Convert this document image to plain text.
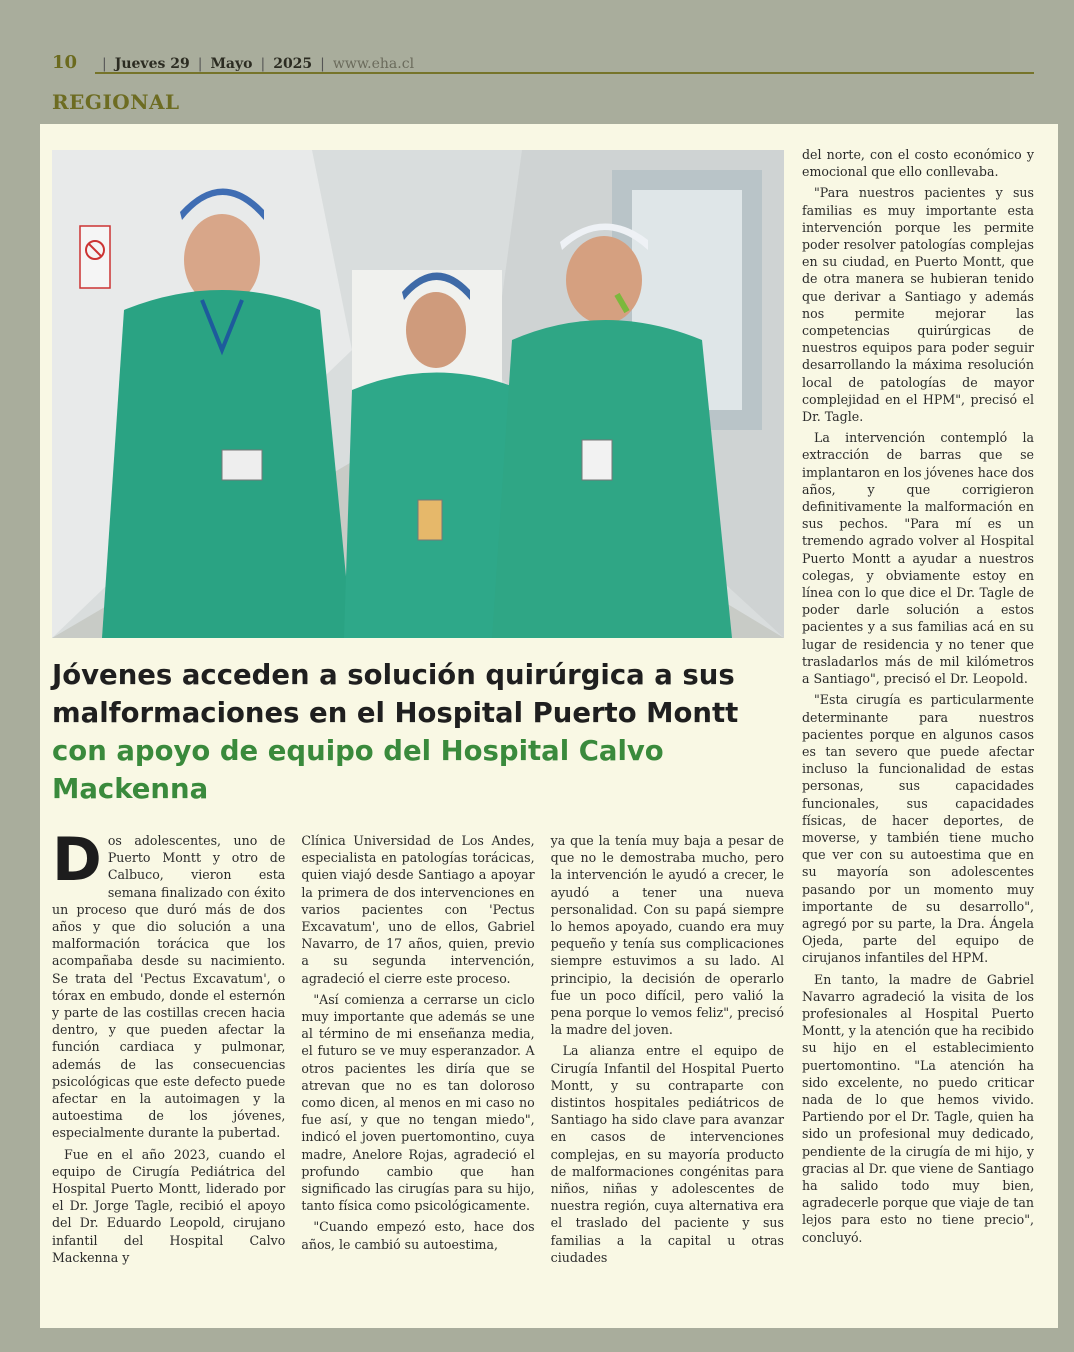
10	| Jueves 29 | Mayo | 2025 | www.eha.cl
REGIONAL
Jóvenes acceden a solución quirúrgica a sus malformaciones en el Hospital Puerto Montt con apoyo de equipo del Hospital Calvo Mackenna

Dos adolescentes, uno de Puerto Montt y otro de Calbuco, vieron esta semana finalizado con éxito un proceso que duró más de dos años y que dio solución a una malformación torácica que los acompañaba desde su nacimiento. Se trata del 'Pectus Excavatum', o tórax en embudo, donde el esternón y parte de las costillas crecen hacia dentro, y que pueden afectar la función cardiaca y pulmonar, además de las consecuencias psicológicas que este defecto puede afectar en la autoimagen y la autoestima de los jóvenes, especialmente durante la pubertad.

Fue en el año 2023, cuando el equipo de Cirugía Pediátrica del Hospital Puerto Montt, liderado por el Dr. Jorge Tagle, recibió el apoyo del Dr. Eduardo Leopold, cirujano infantil del Hospital Calvo Mackenna y

Clínica Universidad de Los Andes, especialista en patologías torácicas, quien viajó desde Santiago a apoyar la primera de dos intervenciones en varios pacientes con 'Pectus Excavatum', uno de ellos, Gabriel Navarro, de 17 años, quien, previo a su segunda intervención, agradeció el cierre este proceso.

"Así comienza a cerrarse un ciclo muy importante que además se une al término de mi enseñanza media, el futuro se ve muy esperanzador. A otros pacientes les diría que se atrevan que no es tan doloroso como dicen, al menos en mi caso no fue así, y que no tengan miedo", indicó el joven puertomontino, cuya madre, Anelore Rojas, agradeció el profundo cambio que han significado las cirugías para su hijo, tanto física como psicológicamente.

"Cuando empezó esto, hace dos años, le cambió su autoestima,

ya que la tenía muy baja a pesar de que no le demostraba mucho, pero la intervención le ayudó a crecer, le ayudó a tener una nueva personalidad. Con su papá siempre lo hemos apoyado, cuando era muy pequeño y tenía sus complicaciones siempre estuvimos a su lado. Al principio, la decisión de operarlo fue un poco difícil, pero valió la pena porque lo vemos feliz", precisó la madre del joven.

La alianza entre el equipo de Cirugía Infantil del Hospital Puerto Montt, y su contraparte con distintos hospitales pediátricos de Santiago ha sido clave para avanzar en casos de intervenciones complejas, en su mayoría producto de malformaciones congénitas para niños, niñas y adolescentes de nuestra región, cuya alternativa era el traslado del paciente y sus familias a la capital u otras ciudades

del norte, con el costo económico y emocional que ello conllevaba.

"Para nuestros pacientes y sus familias es muy importante esta intervención porque les permite poder resolver patologías complejas en su ciudad, en Puerto Montt, que de otra manera se hubieran tenido que derivar a Santiago y además nos permite mejorar las competencias quirúrgicas de nuestros equipos para poder seguir desarrollando la máxima resolución local de patologías de mayor complejidad en el HPM", precisó el Dr. Tagle.

La intervención contempló la extracción de barras que se implantaron en los jóvenes hace dos años, y que corrigieron definitivamente la malformación en sus pechos. "Para mí es un tremendo agrado volver al Hospital Puerto Montt a ayudar a nuestros colegas, y obviamente estoy en línea con lo que dice el Dr. Tagle de poder darle solución a estos pacientes y a sus familias acá en su lugar de residencia y no tener que trasladarlos más de mil kilómetros a Santiago", precisó el Dr. Leopold.

"Esta cirugía es particularmente determinante para nuestros pacientes porque en algunos casos es tan severo que puede afectar incluso la funcionalidad de estas personas, sus capacidades funcionales, sus capacidades físicas, de hacer deportes, de moverse, y también tiene mucho que ver con su autoestima que en su mayoría son adolescentes pasando por un momento muy importante de su desarrollo", agregó por su parte, la Dra. Ángela Ojeda, parte del equipo de cirujanos infantiles del HPM.

En tanto, la madre de Gabriel Navarro agradeció la visita de los profesionales al Hospital Puerto Montt, y la atención que ha recibido su hijo en el establecimiento puertomontino. "La atención ha sido excelente, no puedo criticar nada de lo que hemos vivido. Partiendo por el Dr. Tagle, quien ha sido un profesional muy dedicado, pendiente de la cirugía de mi hijo, y gracias al Dr. que viene de Santiago ha salido todo muy bien, agradecerle porque que viaje de tan lejos para esto no tiene precio", concluyó.
